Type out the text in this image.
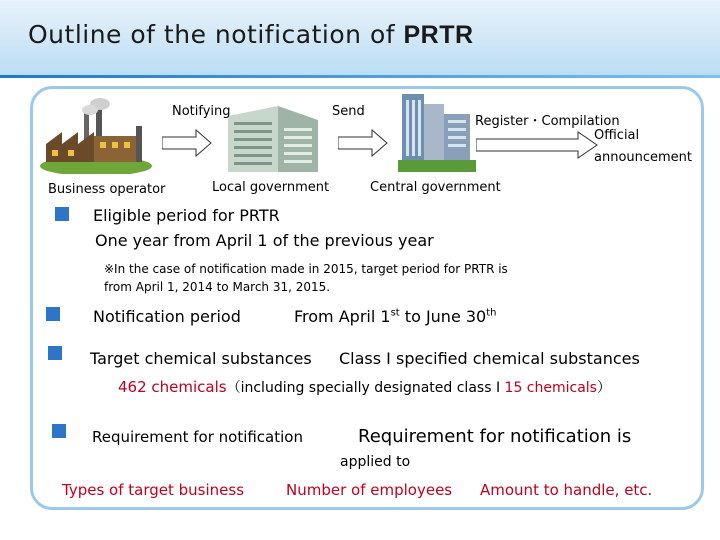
Outline of the notification of PRTR
Notifying	Send
Register・Compilation
Official
announcement
Business operator	Local government	Central government
Eligible period for PRTR
One year from April 1 of the previous year
※In the case of notification made in 2015, target period for PRTR is
from April 1, 2014 to March 31, 2015.
Notification period	From April 1st to June 30th
Target chemical substances Class Ⅰ specified chemical substances
462 chemicals（including specially designated class Ⅰ 15 chemicals）
Requirement for notification	Requirement for notification is
applied to
Types of target business	Number of employees Amount to handle, etc.
